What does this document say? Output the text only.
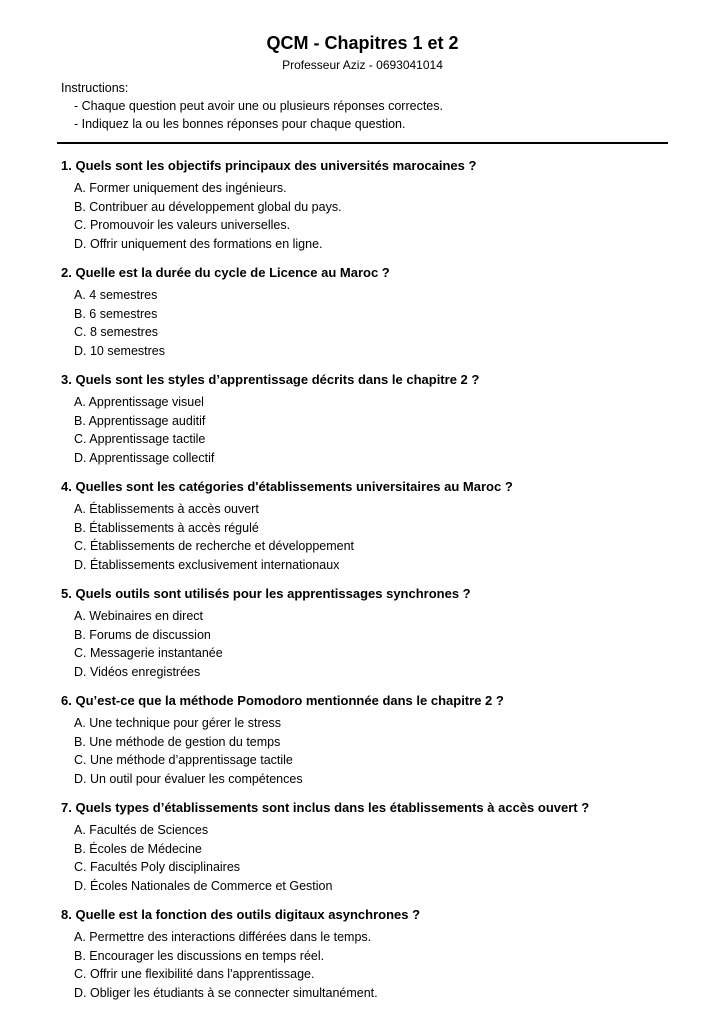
QCM - Chapitres 1 et 2
Professeur Aziz - 0693041014
Instructions:
- Chaque question peut avoir une ou plusieurs réponses correctes.
- Indiquez la ou les bonnes réponses pour chaque question.
1. Quels sont les objectifs principaux des universités marocaines ?
A. Former uniquement des ingénieurs.
B. Contribuer au développement global du pays.
C. Promouvoir les valeurs universelles.
D. Offrir uniquement des formations en ligne.
2. Quelle est la durée du cycle de Licence au Maroc ?
A. 4 semestres
B. 6 semestres
C. 8 semestres
D. 10 semestres
3. Quels sont les styles d’apprentissage décrits dans le chapitre 2 ?
A. Apprentissage visuel
B. Apprentissage auditif
C. Apprentissage tactile
D. Apprentissage collectif
4. Quelles sont les catégories d'établissements universitaires au Maroc ?
A. Établissements à accès ouvert
B. Établissements à accès régulé
C. Établissements de recherche et développement
D. Établissements exclusivement internationaux
5. Quels outils sont utilisés pour les apprentissages synchrones ?
A. Webinaires en direct
B. Forums de discussion
C. Messagerie instantanée
D. Vidéos enregistrées
6. Qu’est-ce que la méthode Pomodoro mentionnée dans le chapitre 2 ?
A. Une technique pour gérer le stress
B. Une méthode de gestion du temps
C. Une méthode d’apprentissage tactile
D. Un outil pour évaluer les compétences
7. Quels types d’établissements sont inclus dans les établissements à accès ouvert ?
A. Facultés de Sciences
B. Écoles de Médecine
C. Facultés Poly disciplinaires
D. Écoles Nationales de Commerce et Gestion
8. Quelle est la fonction des outils digitaux asynchrones ?
A. Permettre des interactions différées dans le temps.
B. Encourager les discussions en temps réel.
C. Offrir une flexibilité dans l'apprentissage.
D. Obliger les étudiants à se connecter simultanément.
